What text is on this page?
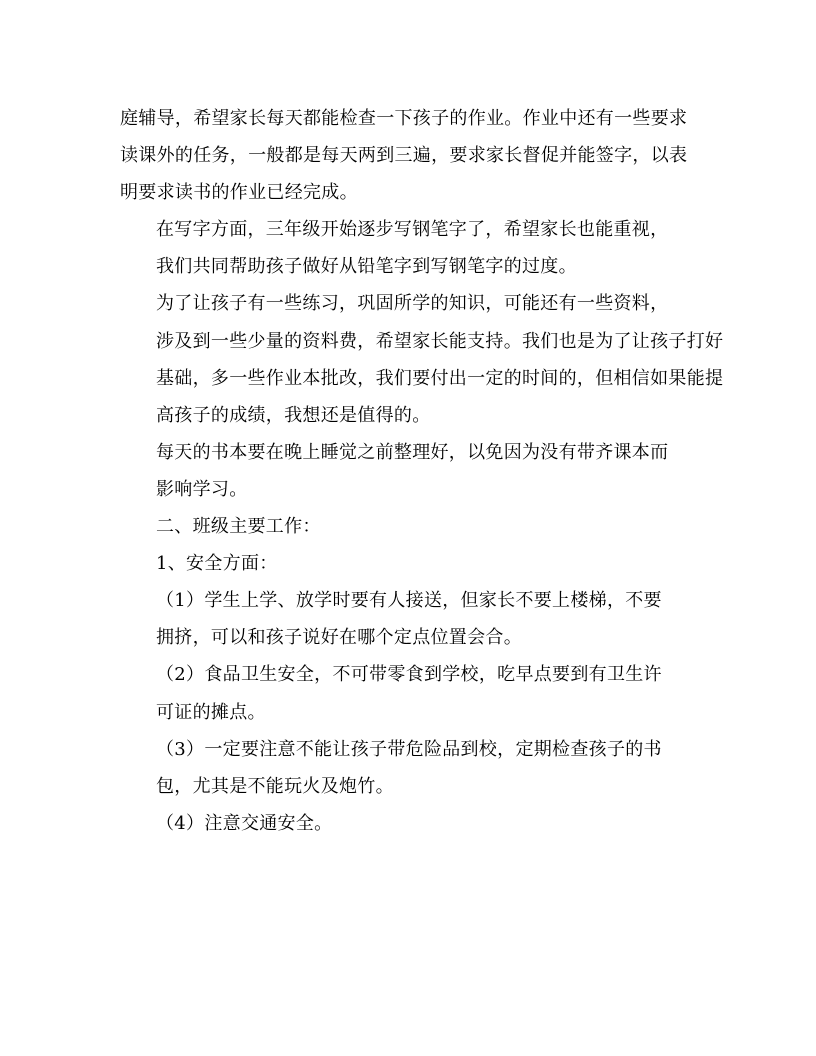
庭辅导，希望家长每天都能检查一下孩子的作业。作业中还有一些要求
读课外的任务，一般都是每天两到三遍，要求家长督促并能签字，以表
明要求读书的作业已经完成。

在写字方面，三年级开始逐步写钢笔字了，希望家长也能重视，
我们共同帮助孩子做好从铅笔字到写钢笔字的过度。

为了让孩子有一些练习，巩固所学的知识，可能还有一些资料，
涉及到一些少量的资料费，希望家长能支持。我们也是为了让孩子打好
基础，多一些作业本批改，我们要付出一定的时间的，但相信如果能提
高孩子的成绩，我想还是值得的。

每天的书本要在晚上睡觉之前整理好，以免因为没有带齐课本而
影响学习。

二、班级主要工作：

1、安全方面：

（1）学生上学、放学时要有人接送，但家长不要上楼梯，不要
拥挤，可以和孩子说好在哪个定点位置会合。

（2）食品卫生安全，不可带零食到学校，吃早点要到有卫生许
可证的摊点。

（3）一定要注意不能让孩子带危险品到校，定期检查孩子的书
包，尤其是不能玩火及炮竹。

（4）注意交通安全。
